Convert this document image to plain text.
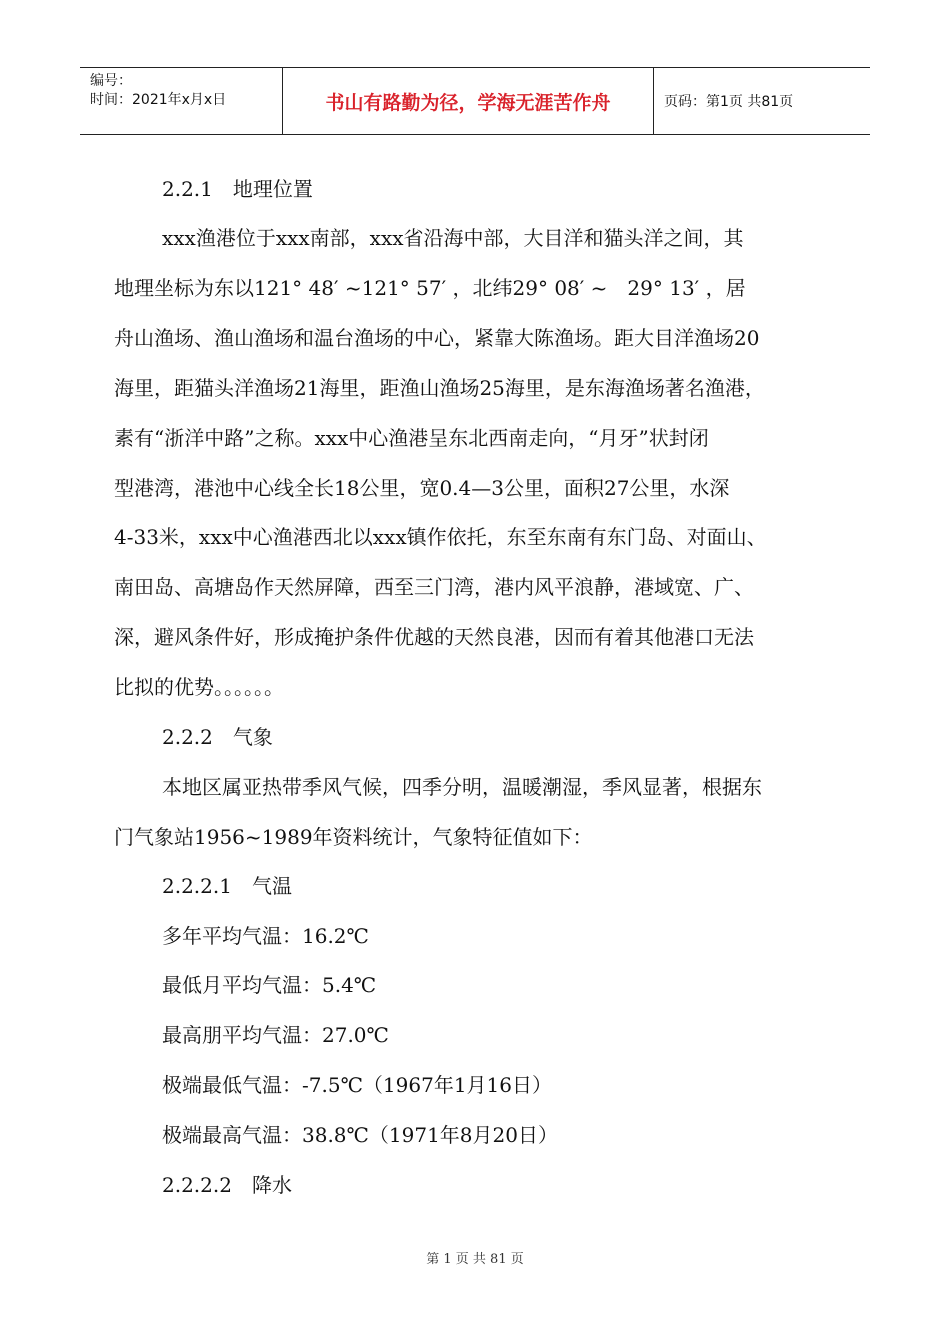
编号：
时间：2021年x月x日	书山有路勤为径，学海无涯苦作舟	页码：第1页 共81页
2.2.1　地理位置
xxx渔港位于xxx南部，xxx省沿海中部，大目洋和猫头洋之间，其
地理坐标为东以121° 48′ ~121° 57′ ，北纬29° 08′ ~　29° 13′ ，居
舟山渔场、渔山渔场和温台渔场的中心，紧靠大陈渔场。距大目洋渔场20
海里，距猫头洋渔场21海里，距渔山渔场25海里，是东海渔场著名渔港，
素有“浙洋中路”之称。xxx中心渔港呈东北西南走向，“月牙”状封闭
型港湾，港池中心线全长18公里，宽0.4—3公里，面积27公里，水深
4-33米，xxx中心渔港西北以xxx镇作依托，东至东南有东门岛、对面山、
南田岛、高塘岛作天然屏障，西至三门湾，港内风平浪静，港域宽、广、
深，避风条件好，形成掩护条件优越的天然良港，因而有着其他港口无法
比拟的优势。。。。。。
2.2.2　气象
本地区属亚热带季风气候，四季分明，温暖潮湿，季风显著，根据东
门气象站1956~1989年资料统计，气象特征值如下：
2.2.2.1　气温
多年平均气温：16.2℃
最低月平均气温：5.4℃
最高朋平均气温：27.0℃
极端最低气温：-7.5℃（1967年1月16日）
极端最高气温：38.8℃（1971年8月20日）
2.2.2.2　降水
第 1 页 共 81 页
